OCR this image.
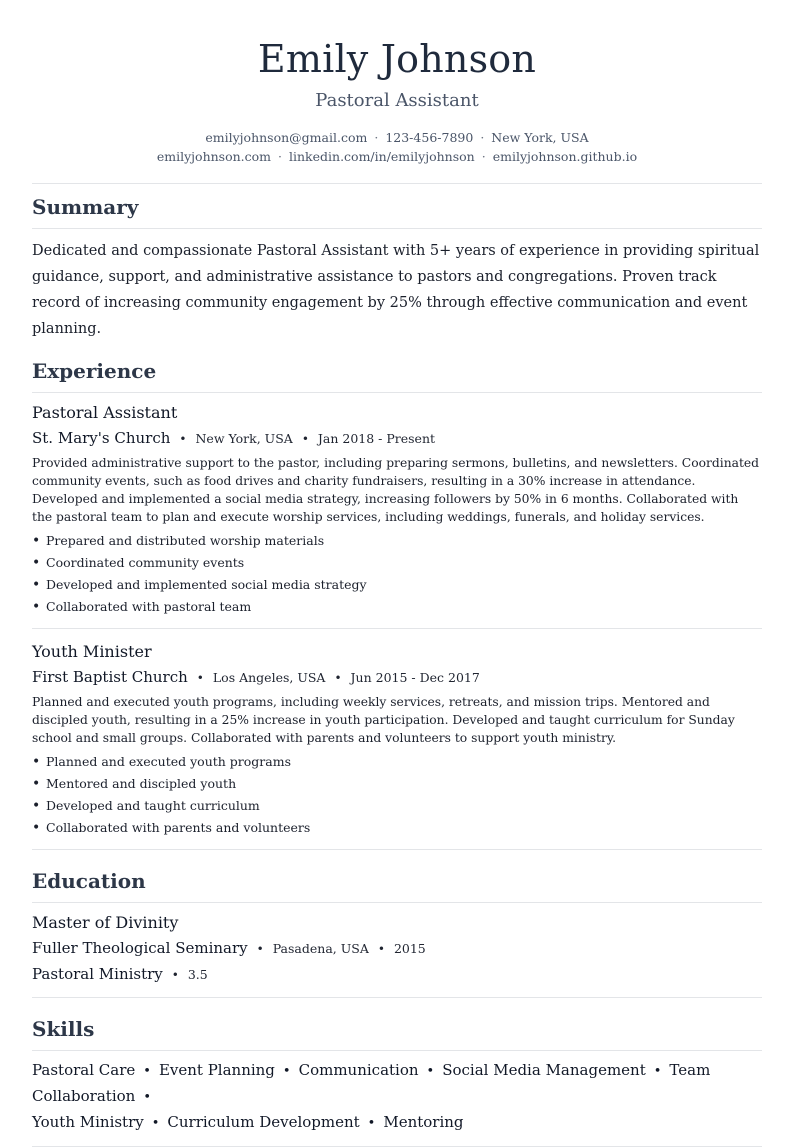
Emily Johnson
Pastoral Assistant
emilyjohnson@gmail.com · 123-456-7890 · New York, USA
emilyjohnson.com · linkedin.com/in/emilyjohnson · emilyjohnson.github.io
Summary

Dedicated and compassionate Pastoral Assistant with 5+ years of experience in providing spiritual guidance, support, and administrative assistance to pastors and congregations. Proven track record of increasing community engagement by 25% through effective communication and event planning.

Experience
Pastoral Assistant
St. Mary's Church • New York, USA • Jan 2018 - Present

Provided administrative support to the pastor, including preparing sermons, bulletins, and newsletters. Coordinated community events, such as food drives and charity fundraisers, resulting in a 30% increase in attendance. Developed and implemented a social media strategy, increasing followers by 50% in 6 months. Collaborated with the pastoral team to plan and execute worship services, including weddings, funerals, and holiday services.

• Prepared and distributed worship materials
• Coordinated community events
• Developed and implemented social media strategy
• Collaborated with pastoral team
Youth Minister
First Baptist Church • Los Angeles, USA • Jun 2015 - Dec 2017

Planned and executed youth programs, including weekly services, retreats, and mission trips. Mentored and discipled youth, resulting in a 25% increase in youth participation. Developed and taught curriculum for Sunday school and small groups. Collaborated with parents and volunteers to support youth ministry.

• Planned and executed youth programs
• Mentored and discipled youth
• Developed and taught curriculum
• Collaborated with parents and volunteers
Education
Master of Divinity
Fuller Theological Seminary • Pasadena, USA • 2015
Pastoral Ministry • 3.5
Skills
Pastoral Care • Event Planning • Communication • Social Media Management • Team Collaboration •
Youth Ministry • Curriculum Development • Mentoring
